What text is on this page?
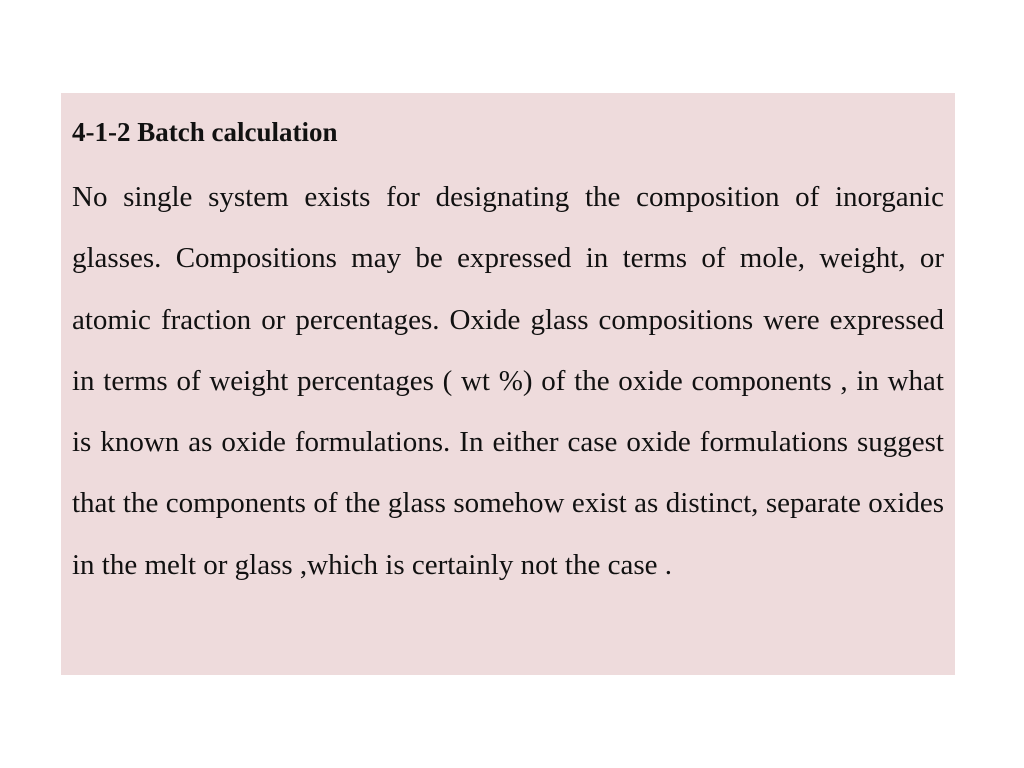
4-1-2 Batch calculation

No single system exists for designating the composition of inorganic glasses. Compositions may be expressed in terms of mole, weight, or atomic fraction or percentages. Oxide glass compositions were expressed in terms of weight percentages ( wt %) of the oxide components , in what is known as oxide formulations. In either case oxide formulations suggest that the components of the glass somehow exist as distinct, separate oxides in the melt or glass ,which is certainly not the case .
